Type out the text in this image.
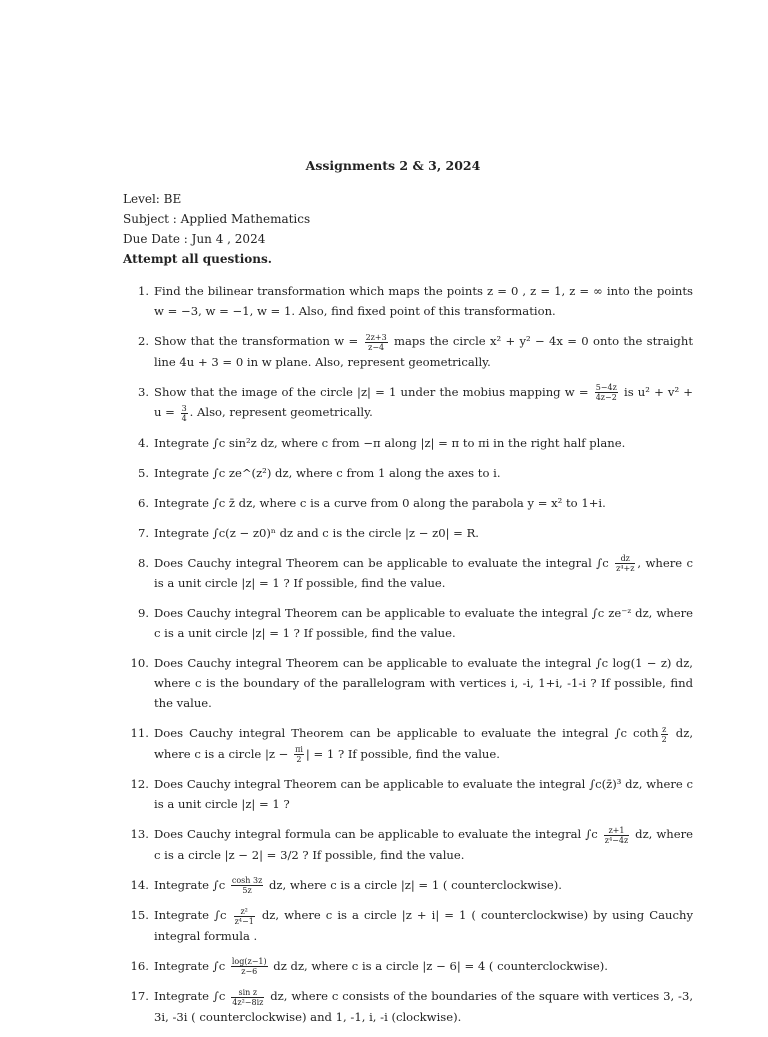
Assignments 2 & 3, 2024
Level: BE
Subject : Applied Mathematics
Due Date : Jun 4 , 2024
Attempt all questions.
1. Find the bilinear transformation which maps the points z = 0 , z = 1, z = ∞ into the points w = −3, w = −1, w = 1. Also, find fixed point of this transformation.
2. Show that the transformation $w = \frac{2z+3}{z-4}$ maps the circle x² + y² − 4x = 0 onto the straight line 4u + 3 = 0 in w plane. Also, represent geometrically.
3. Show that the image of the circle |z| = 1 under the mobius mapping $w = \frac{5-4z}{4z-2}$ is $u^2 + v^2 + u = \frac{3}{4}$ . Also, represent geometrically.
4. Integrate ∫c sin²z dz, where c from −π along |z| = π to πi in the right half plane.
5. Integrate ∫c ze^(z²) dz, where c from 1 along the axes to i.
6. Integrate ∫c z̄ dz, where c is a curve from 0 along the parabola y = x² to 1+i.
7. Integrate ∫c(z − z0)ⁿ dz and c is the circle |z − z0| = R.
8. Does Cauchy integral Theorem can be applicable to evaluate the integral $\int c \frac{dz}{\text{z⁴+z}}$ , where c is a unit circle |z| = 1 ? If possible, find the value.
9. Does Cauchy integral Theorem can be applicable to evaluate the integral ∫c ze⁻ᶻ dz, where c is a unit circle |z| = 1 ? If possible, find the value.
10. Does Cauchy integral Theorem can be applicable to evaluate the integral ∫c log(1 − z) dz, where c is the boundary of the parallelogram with vertices i, -i, 1+i, -1-i ? If possible, find the value.
11. Does Cauchy integral Theorem can be applicable to evaluate the integral ∫c coth $\frac{z}{2}$ dz, where c is a circle $|z - \frac{\pi i}{2}$ | = 1 ? If possible, find the value.
12. Does Cauchy integral Theorem can be applicable to evaluate the integral ∫c(z̄)³ dz, where c is a unit circle |z| = 1 ?
13. Does Cauchy integral formula can be applicable to evaluate the integral $\int c \frac{z+1}{\text{z⁴−4z}}$ dz, where c is a circle |z − 2| = 3/2 ? If possible, find the value.
14. Integrate $\int c \frac{\cosh 3z}{5z}$ dz, where c is a circle |z| = 1 ( counterclockwise).
15. Integrate $\int c \frac{\text{z²}}{\text{z⁴−1}}$ dz, where c is a circle |z + i| = 1 ( counterclockwise) by using Cauchy integral formula .
16. Integrate $\int c \frac{\log(z-1)}{z-6}$ dz dz, where c is a circle |z − 6| = 4 ( counterclockwise).
17. Integrate $\int c \frac{\text{sin z}}{\text{4z²−8iz}}$ dz, where c consists of the boundaries of the square with vertices 3, -3, 3i, -3i ( counterclockwise) and 1, -1, i, -i (clockwise).
